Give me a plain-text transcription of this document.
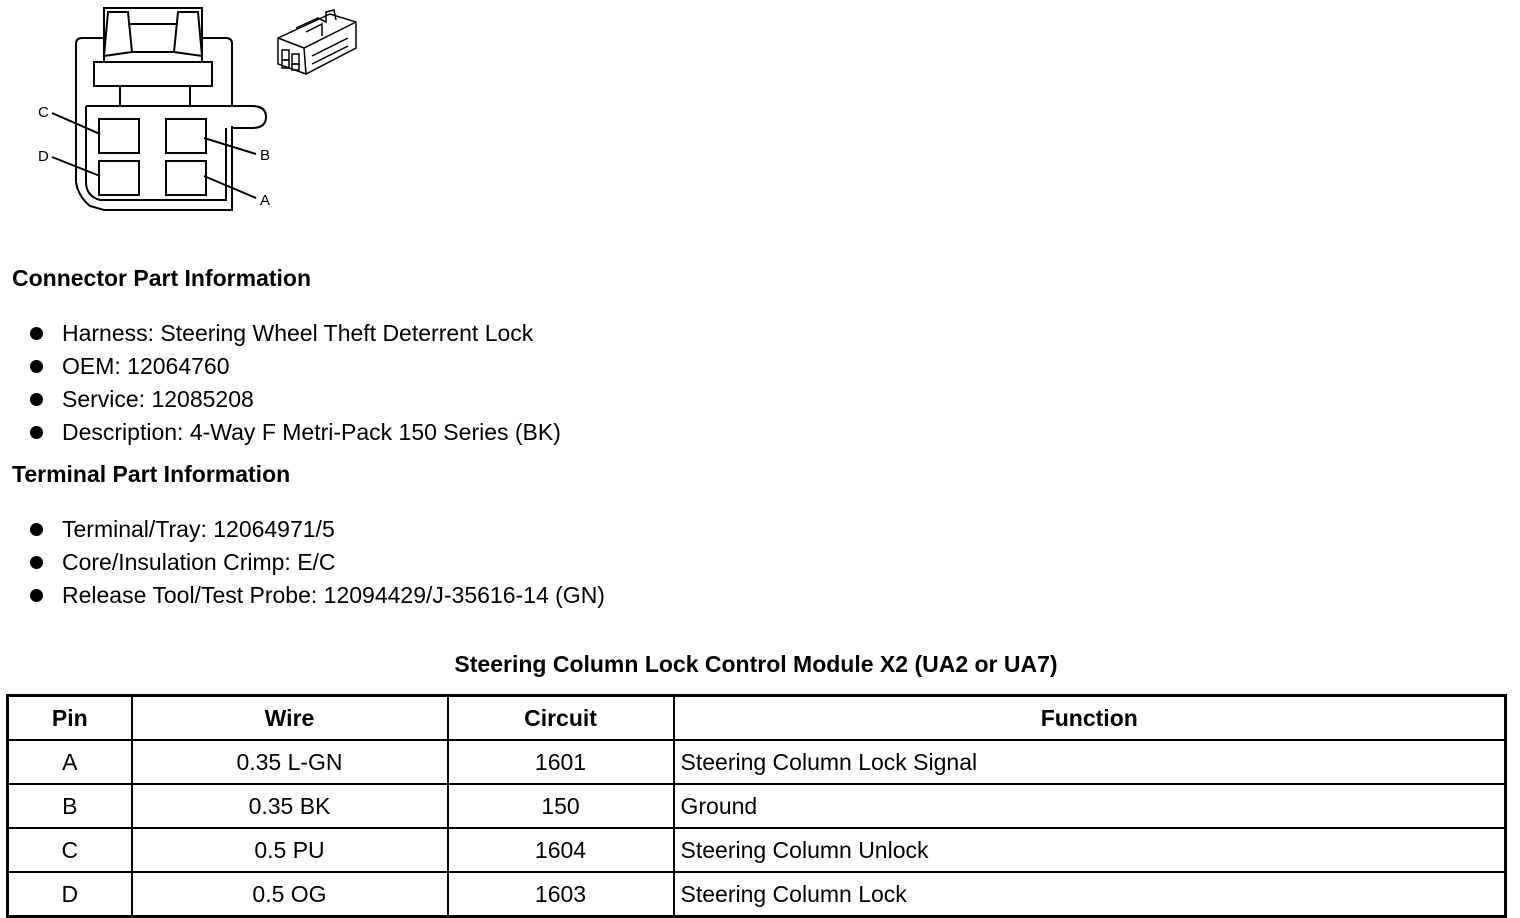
C
D	B
A
Connector Part Information
Harness: Steering Wheel Theft Deterrent Lock
OEM: 12064760
Service: 12085208
Description: 4-Way F Metri-Pack 150 Series (BK)
Terminal Part Information
Terminal/Tray: 12064971/5
Core/Insulation Crimp: E/C
Release Tool/Test Probe: 12094429/J-35616-14 (GN)
Steering Column Lock Control Module X2 (UA2 or UA7)
Pin	Wire	Circuit	Function
A	0.35 L-GN	1601	Steering Column Lock Signal
B	0.35 BK	150	Ground
C	0.5 PU	1604	Steering Column Unlock
D	0.5 OG	1603	Steering Column Lock
